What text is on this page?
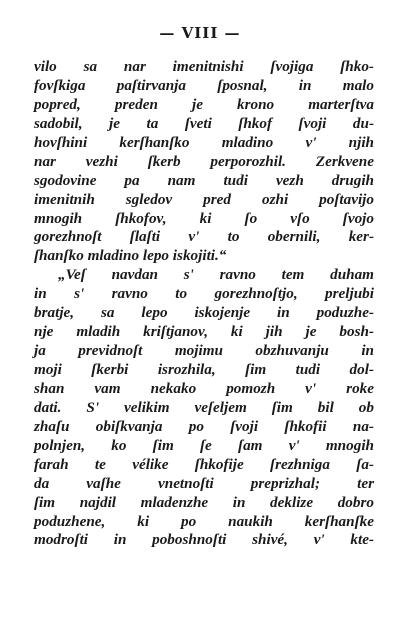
— VIII —
vilo sa nar imenitnishi ſvojiga ſhko-
fovſkiga paſtirvanja ſposnal, in malo
popred, preden je krono marterſtva
sadobil, je ta ſveti ſhkof ſvoji du-
hovſhini kerſhanſko mladino v' njih
nar vezhi ſkerb perporozhil. Zerkvene
sgodovine pa nam tudi vezh drugih
imenitnih sgledov pred ozhi poſtavijo
mnogih ſhkofov, ki ſo vſo ſvojo
gorezhnoſt ſlaſti v' to obernili, ker-
ſhanſko mladino lepo iskojiti.“
„Veſ navdan s' ravno tem duham
in s' ravno to gorezhnoſtjo, preljubi
bratje, sa lepo iskojenje in poduzhe-
nje mladih kriſtjanov, ki jih je bosh-
ja previdnoſt mojimu obzhuvanju in
moji ſkerbi isrozhila, ſim tudi dol-
shan vam nekako pomozh v' roke
dati. S' velikim veſeljem ſim bil ob
zhaſu obiſkvanja po ſvoji ſhkofii na-
polnjen, ko ſim ſe ſam v' mnogih
farah te vélike ſhkofije ſrezhniga ſa-
da vaſhe vnetnoſti preprizhal; ter
ſim najdil mladenzhe in deklize dobro
poduzhene, ki po naukih kerſhanſke
modroſti in poboshnoſti shivé, v' kte-
